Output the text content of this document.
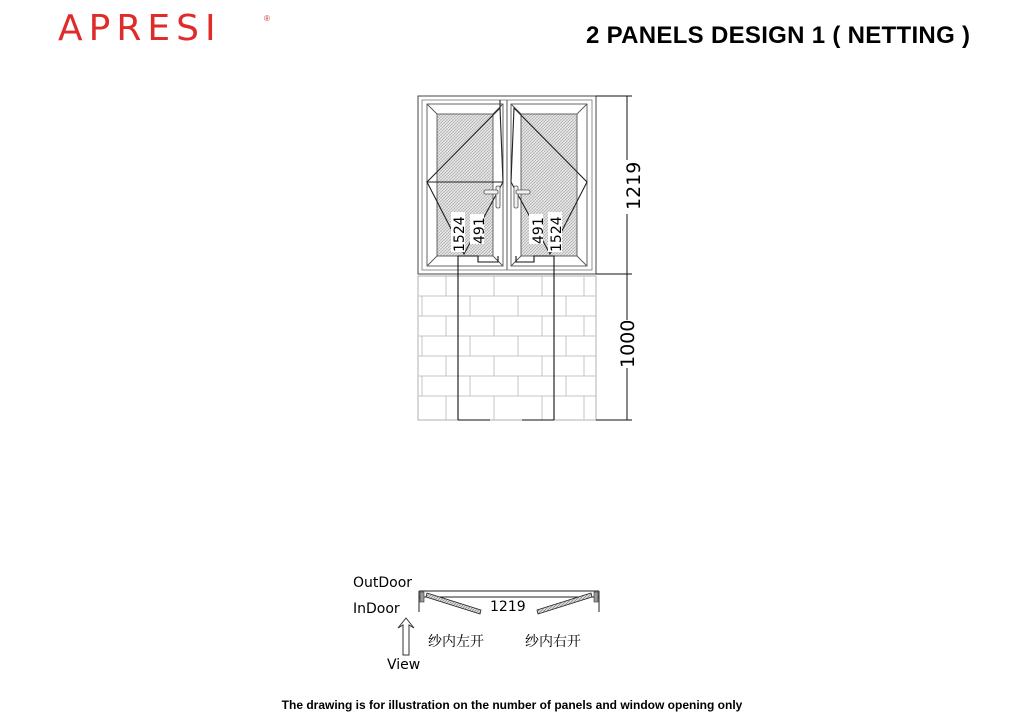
APRESI	®
2 PANELS DESIGN 1 ( NETTING )
1524 491	491 1524
1219
1000
1219
OutDoor
InDoor
View
纱内左开	纱内右开
The drawing is for illustration on the number of panels and window opening only
